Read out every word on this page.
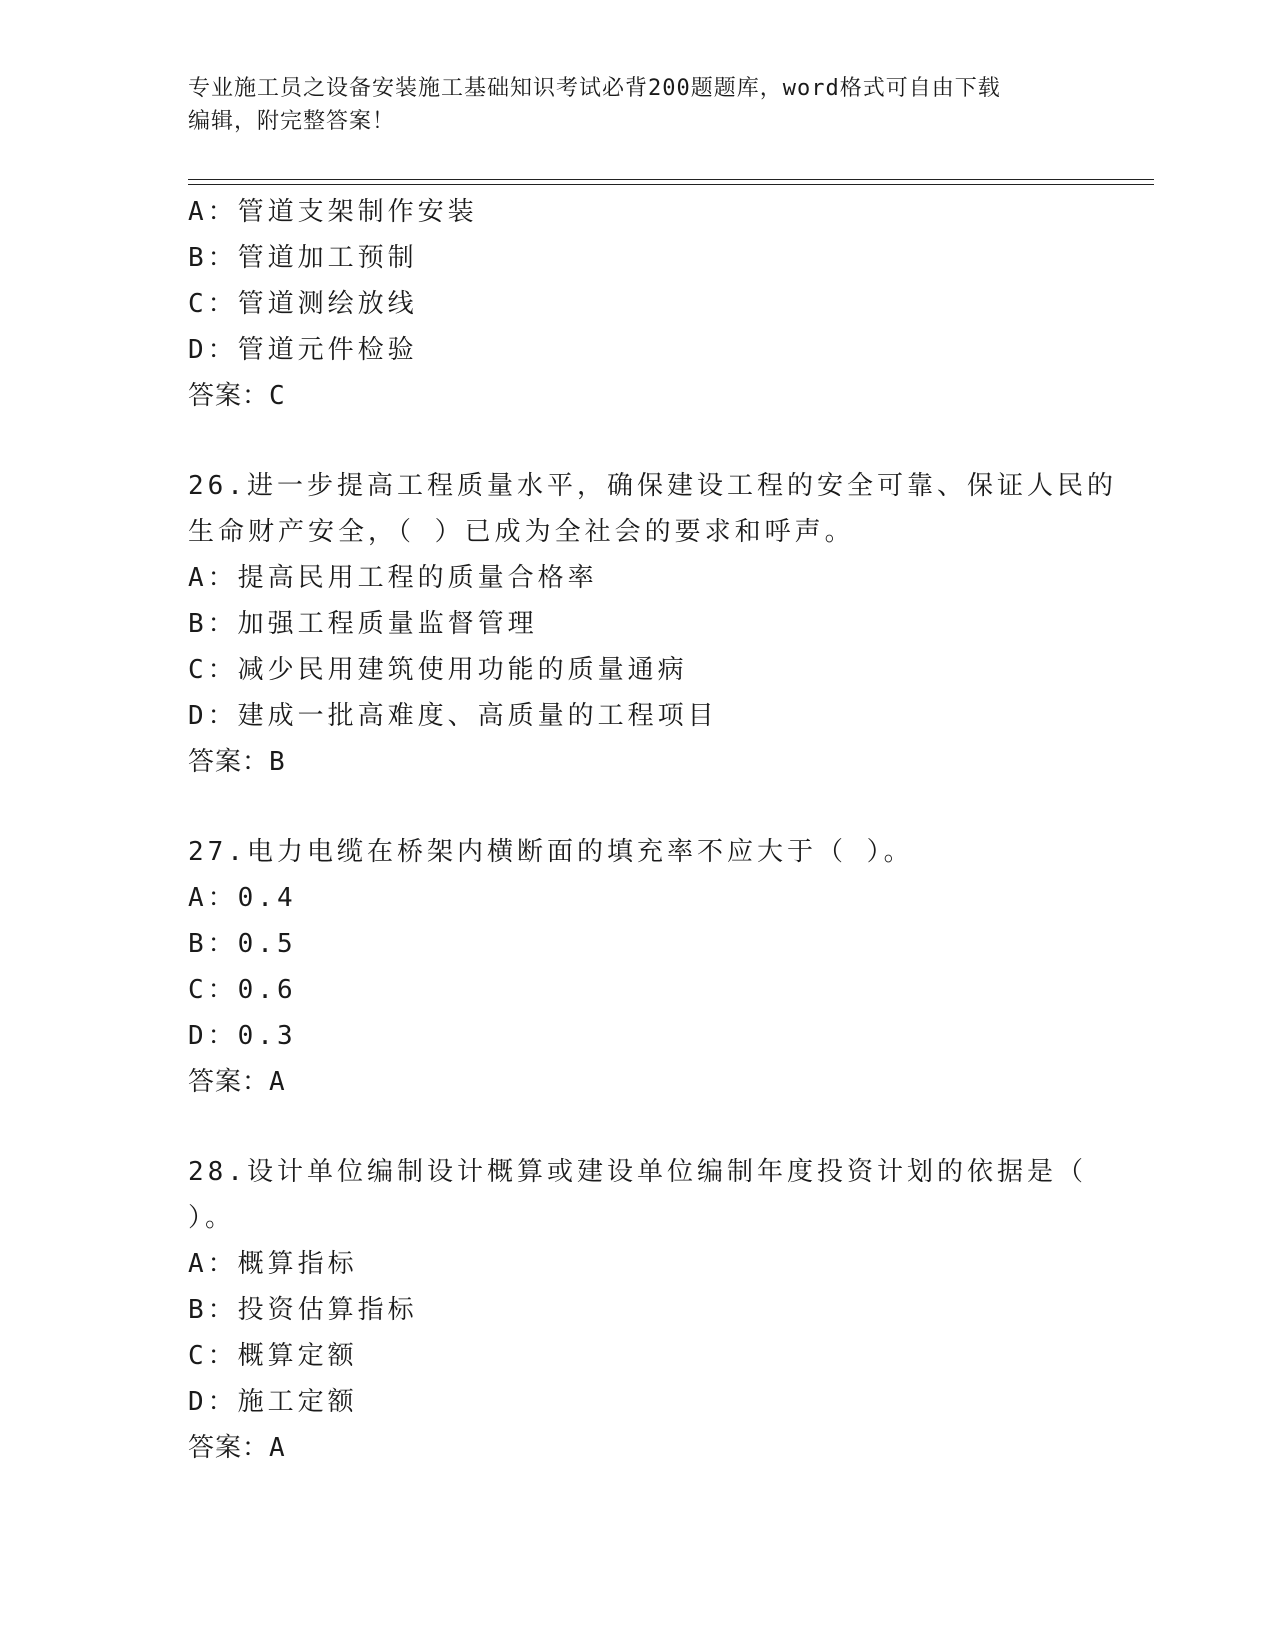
专业施工员之设备安装施工基础知识考试必背200题题库，word格式可自由下载
编辑，附完整答案！
A：管道支架制作安装
B：管道加工预制
C：管道测绘放线
D：管道元件检验
答案：C
26.进一步提高工程质量水平，确保建设工程的安全可靠、保证人民的
生命财产安全，（ ）已成为全社会的要求和呼声。
A：提高民用工程的质量合格率
B：加强工程质量监督管理
C：减少民用建筑使用功能的质量通病
D：建成一批高难度、高质量的工程项目
答案：B
27.电力电缆在桥架内横断面的填充率不应大于（ ）。
A：0.4
B：0.5
C：0.6
D：0.3
答案：A
28.设计单位编制设计概算或建设单位编制年度投资计划的依据是（
）。
A：概算指标
B：投资估算指标
C：概算定额
D：施工定额
答案：A
